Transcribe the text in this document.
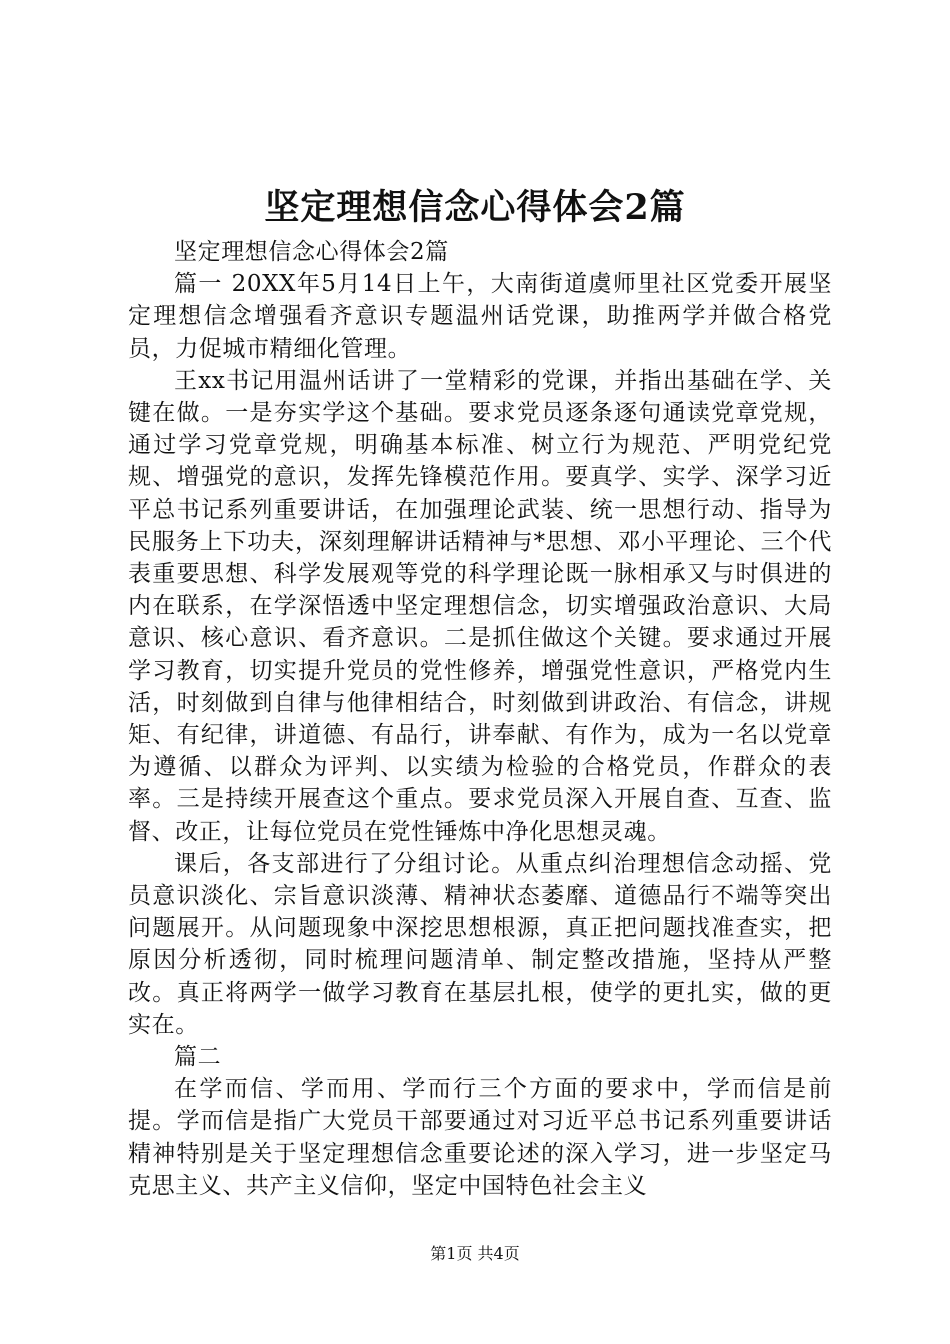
坚定理想信念心得体会2篇

坚定理想信念心得体会2篇

篇一 20XX年5月14日上午，大南街道虞师里社区党委开展坚定理想信念增强看齐意识专题温州话党课，助推两学并做合格党员，力促城市精细化管理。

王xx书记用温州话讲了一堂精彩的党课，并指出基础在学、关键在做。一是夯实学这个基础。要求党员逐条逐句通读党章党规，通过学习党章党规，明确基本标准、树立行为规范、严明党纪党规、增强党的意识，发挥先锋模范作用。要真学、实学、深学习近平总书记系列重要讲话，在加强理论武装、统一思想行动、指导为民服务上下功夫，深刻理解讲话精神与*思想、邓小平理论、三个代表重要思想、科学发展观等党的科学理论既一脉相承又与时俱进的内在联系，在学深悟透中坚定理想信念，切实增强政治意识、大局意识、核心意识、看齐意识。二是抓住做这个关键。要求通过开展学习教育，切实提升党员的党性修养，增强党性意识，严格党内生活，时刻做到自律与他律相结合，时刻做到讲政治、有信念，讲规矩、有纪律，讲道德、有品行，讲奉献、有作为，成为一名以党章为遵循、以群众为评判、以实绩为检验的合格党员，作群众的表率。三是持续开展查这个重点。要求党员深入开展自查、互查、监督、改正，让每位党员在党性锤炼中净化思想灵魂。

课后，各支部进行了分组讨论。从重点纠治理想信念动摇、党员意识淡化、宗旨意识淡薄、精神状态萎靡、道德品行不端等突出问题展开。从问题现象中深挖思想根源，真正把问题找准查实，把原因分析透彻，同时梳理问题清单、制定整改措施，坚持从严整改。真正将两学一做学习教育在基层扎根，使学的更扎实，做的更实在。

篇二

在学而信、学而用、学而行三个方面的要求中，学而信是前提。学而信是指广大党员干部要通过对习近平总书记系列重要讲话精神特别是关于坚定理想信念重要论述的深入学习，进一步坚定马克思主义、共产主义信仰，坚定中国特色社会主义

第1页 共4页
